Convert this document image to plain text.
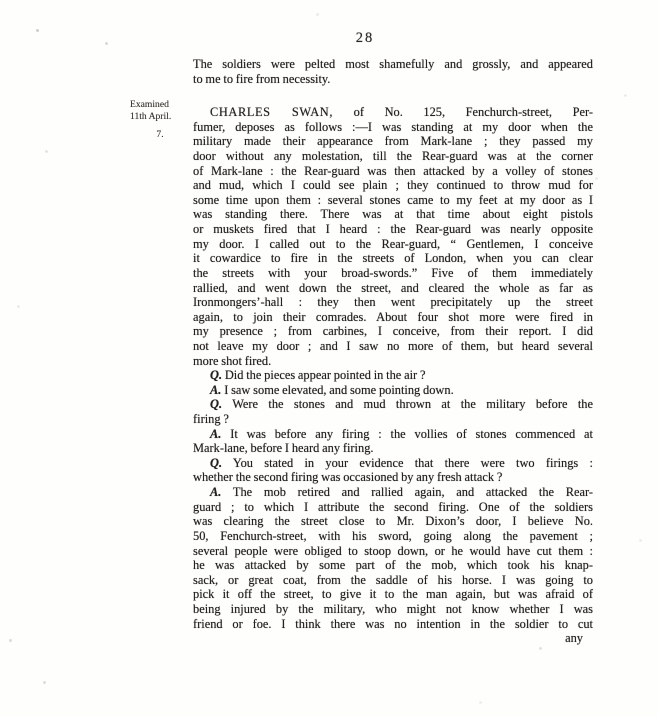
28
Examined
11th April.
7.
The soldiers were pelted most shamefully and grossly, and appeared
to me to fire from necessity.
CHARLES SWAN, of No. 125, Fenchurch-street, Per-
fumer, deposes as follows :—I was standing at my door when the
military made their appearance from Mark-lane ; they passed my
door without any molestation, till the Rear-guard was at the corner
of Mark-lane : the Rear-guard was then attacked by a volley of stones
and mud, which I could see plain ; they continued to throw mud for
some time upon them : several stones came to my feet at my door as I
was standing there. There was at that time about eight pistols
or muskets fired that I heard : the Rear-guard was nearly opposite
my door. I called out to the Rear-guard, “ Gentlemen, I conceive
it cowardice to fire in the streets of London, when you can clear
the streets with your broad-swords.” Five of them immediately
rallied, and went down the street, and cleared the whole as far as
Ironmongers’-hall : they then went precipitately up the street
again, to join their comrades. About four shot more were fired in
my presence ; from carbines, I conceive, from their report. I did
not leave my door ; and I saw no more of them, but heard several
more shot fired.
Q. Did the pieces appear pointed in the air ?
A. I saw some elevated, and some pointing down.
Q. Were the stones and mud thrown at the military before the
firing ?
A. It was before any firing : the vollies of stones commenced at
Mark-lane, before I heard any firing.
Q. You stated in your evidence that there were two firings :
whether the second firing was occasioned by any fresh attack ?
A. The mob retired and rallied again, and attacked the Rear-
guard ; to which I attribute the second firing. One of the soldiers
was clearing the street close to Mr. Dixon’s door, I believe No.
50, Fenchurch-street, with his sword, going along the pavement ;
several people were obliged to stoop down, or he would have cut them :
he was attacked by some part of the mob, which took his knap-
sack, or great coat, from the saddle of his horse. I was going to
pick it off the street, to give it to the man again, but was afraid of
being injured by the military, who might not know whether I was
friend or foe. I think there was no intention in the soldier to cut
any
